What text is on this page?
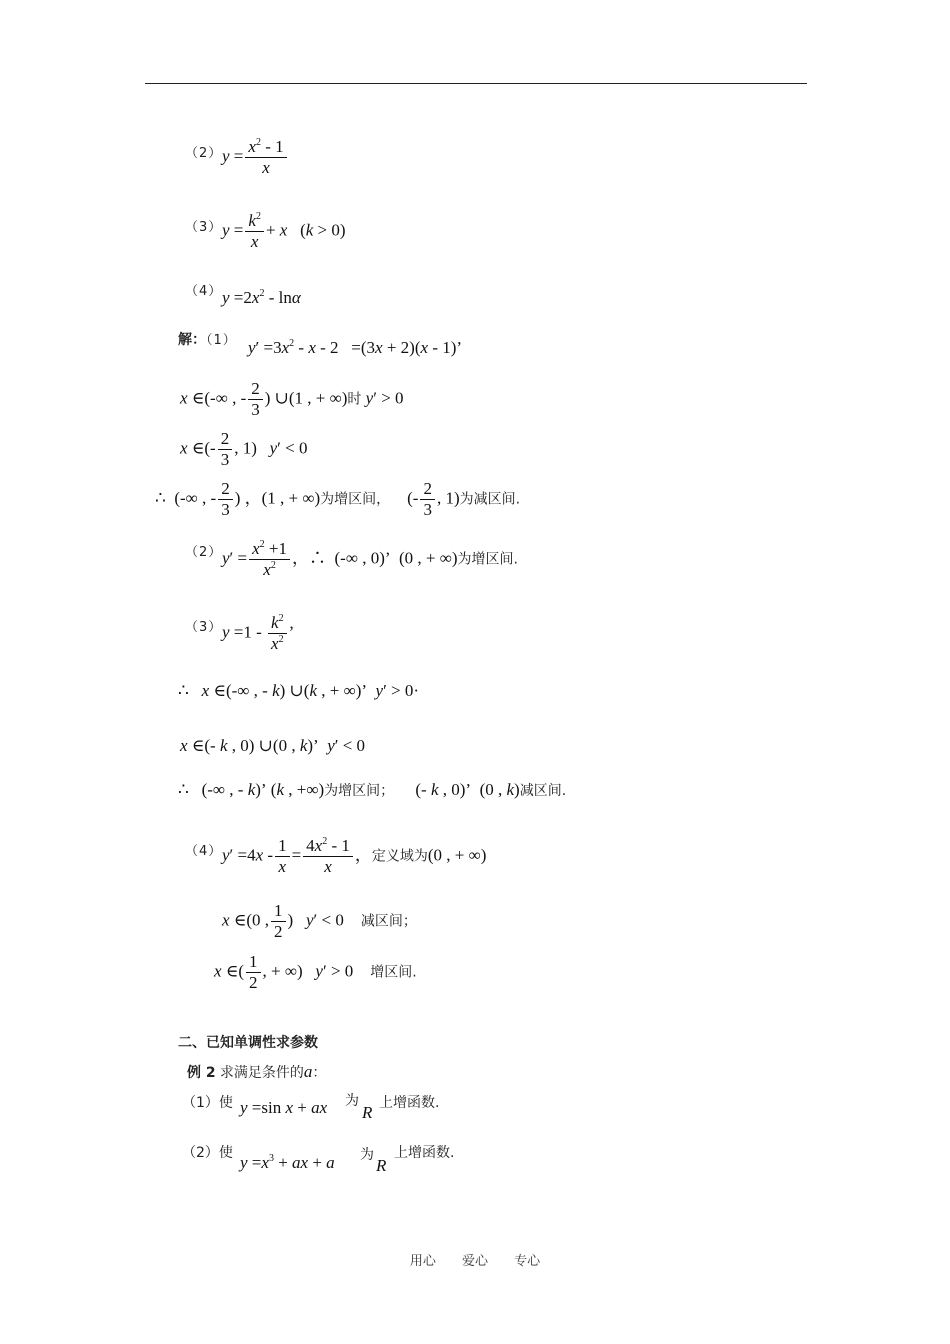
（2） $y = \frac{x^2 - 1}{x}$
（3） $y = \frac{k^2}{x} + x$   (k > 0)
（4） $y =2x^2 - \ln\alpha$
解：（1） $y' =3x^2 - x - 2 =(3x + 2)(x - 1)$’
x ∈(-∞ , - $\frac{2}{3}$ ) ∪(1 , + ∞)时 y′ > 0
x ∈(- $\frac{2}{3}$ , 1)   y′ < 0
∴  (-∞ , - $\frac{2}{3}$ ) ，(1 , + ∞)为增区间，    (- $\frac{2}{3}$ , 1)为减区间.
（2） $y' = \frac{x^2 +1}{x^2}$ ，∴  (-∞ , 0)’  (0 , + ∞)为增区间.
（3） $y =1 - \frac{k^2}{x^2}$ ’
∴ x ∈(-∞ , - k) ∪(k , + ∞)’  y′ > 0·
x ∈(- k , 0) ∪(0 , k)’  y′ < 0
∴   (-∞ , - k)’ (k , +∞)为增区间；     (- k , 0)’  (0 , k)减区间.
（4） $y' =4x - \frac{1}{x} = \frac{4x^2 - 1}{x}$ ，定义域为(0 , + ∞)
x ∈(0 , $\frac{1}{2}$ )   y′ < 0    减区间；
x ∈( $\frac{1}{2}$ , + ∞)   y′ > 0    增区间.
二、已知单调性求参数
例 2 求满足条件的a：
（1）使 y =sin x + ax 为
R 上增函数.
（2）使 $y =x^3$ + ax + a 为
R
上增函数.
用心 爱心 专心
